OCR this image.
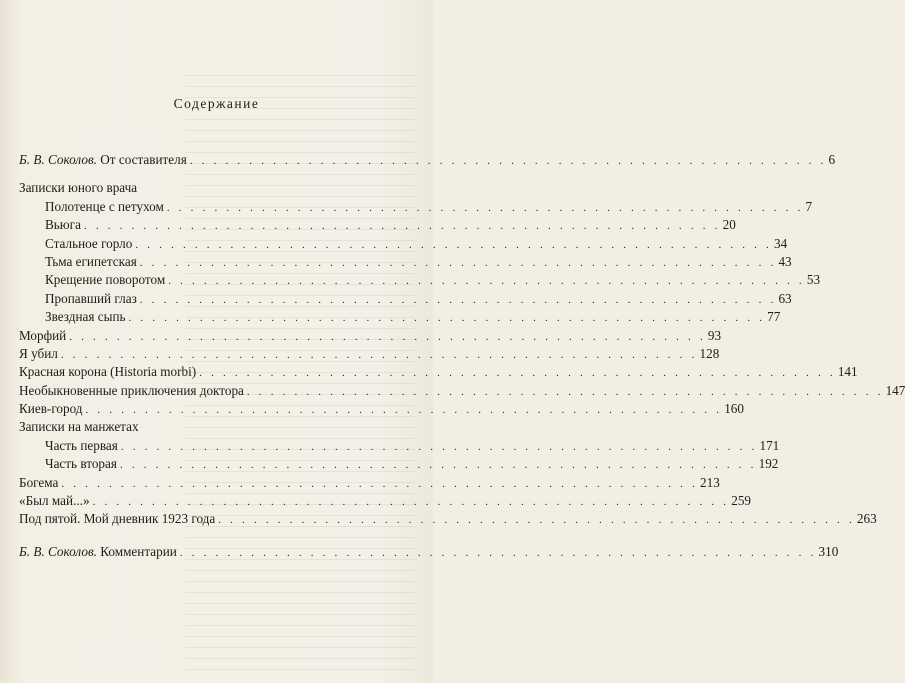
Содержание
Б. В. Соколов. От составителя . . . . . . . . . . . . . . . . . . . . . . . . . . . . . . . . . . . . . . . . . . . . . . . . . . . . . . 6
Записки юного врача
Полотенце с петухом . . . . . . . . . . . . . . . . . . . . . . . . . . . . . . . . . . . . . . . . . . . . . . . . . . . . . . 7
Вьюга . . . . . . . . . . . . . . . . . . . . . . . . . . . . . . . . . . . . . . . . . . . . . . . . . . . . . . 20
Стальное горло . . . . . . . . . . . . . . . . . . . . . . . . . . . . . . . . . . . . . . . . . . . . . . . . . . . . . . 34
Тьма египетская . . . . . . . . . . . . . . . . . . . . . . . . . . . . . . . . . . . . . . . . . . . . . . . . . . . . . . 43
Крещение поворотом . . . . . . . . . . . . . . . . . . . . . . . . . . . . . . . . . . . . . . . . . . . . . . . . . . . . . . 53
Пропавший глаз . . . . . . . . . . . . . . . . . . . . . . . . . . . . . . . . . . . . . . . . . . . . . . . . . . . . . . 63
Звездная сыпь . . . . . . . . . . . . . . . . . . . . . . . . . . . . . . . . . . . . . . . . . . . . . . . . . . . . . . 77
Морфий . . . . . . . . . . . . . . . . . . . . . . . . . . . . . . . . . . . . . . . . . . . . . . . . . . . . . . 93
Я убил . . . . . . . . . . . . . . . . . . . . . . . . . . . . . . . . . . . . . . . . . . . . . . . . . . . . . . 128
Красная корона (Historia morbi) . . . . . . . . . . . . . . . . . . . . . . . . . . . . . . . . . . . . . . . . . . . . . . . . . . . . . . 141
Необыкновенные приключения доктора . . . . . . . . . . . . . . . . . . . . . . . . . . . . . . . . . . . . . . . . . . . . . . . . . . . . . . 147
Киев-город . . . . . . . . . . . . . . . . . . . . . . . . . . . . . . . . . . . . . . . . . . . . . . . . . . . . . . 160
Записки на манжетах
Часть первая . . . . . . . . . . . . . . . . . . . . . . . . . . . . . . . . . . . . . . . . . . . . . . . . . . . . . . 171
Часть вторая . . . . . . . . . . . . . . . . . . . . . . . . . . . . . . . . . . . . . . . . . . . . . . . . . . . . . . 192
Богема . . . . . . . . . . . . . . . . . . . . . . . . . . . . . . . . . . . . . . . . . . . . . . . . . . . . . . 213
«Был май...» . . . . . . . . . . . . . . . . . . . . . . . . . . . . . . . . . . . . . . . . . . . . . . . . . . . . . . 259
Под пятой. Мой дневник 1923 года . . . . . . . . . . . . . . . . . . . . . . . . . . . . . . . . . . . . . . . . . . . . . . . . . . . . . . 263
Б. В. Соколов. Комментарии . . . . . . . . . . . . . . . . . . . . . . . . . . . . . . . . . . . . . . . . . . . . . . . . . . . . . . 310
